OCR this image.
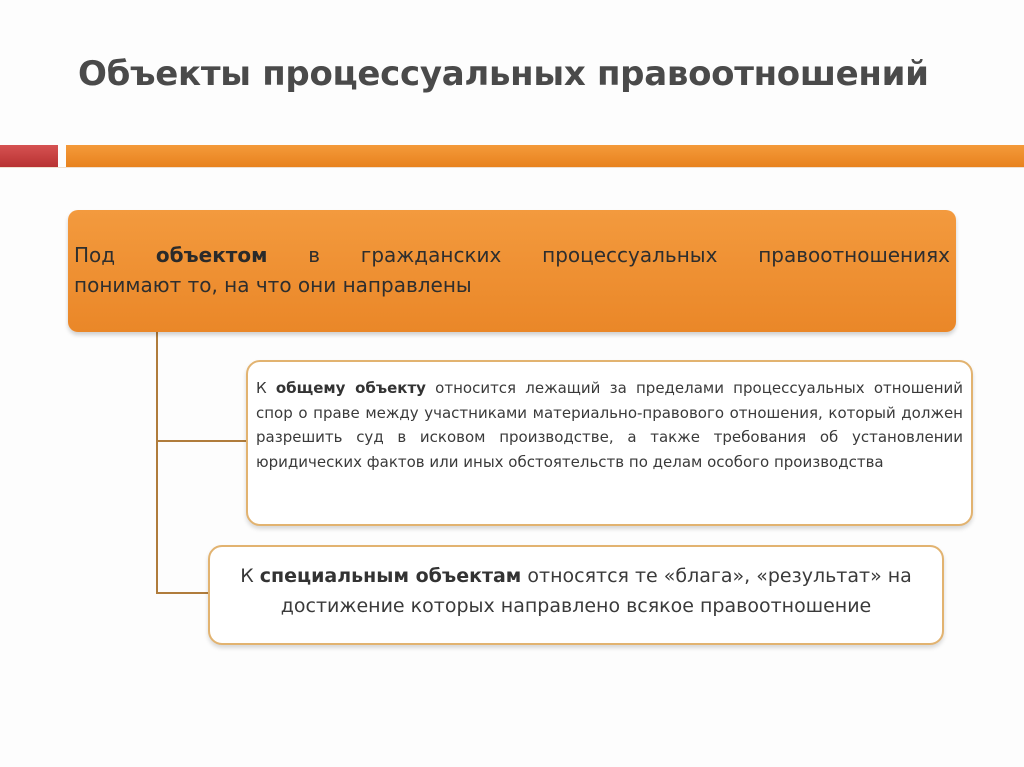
Объекты процессуальных правоотношений
Под объектом в гражданских процессуальных правоотношениях
понимают то, на что они направлены
К общему объекту относится лежащий за пределами процессуальных отношений спор о праве между участниками материально-правового отношения, который должен разрешить суд в исковом производстве, а также требования об установлении юридических фактов или иных обстоятельств по делам особого производства
К специальным объектам относятся те «блага», «результат» на достижение которых направлено всякое правоотношение
